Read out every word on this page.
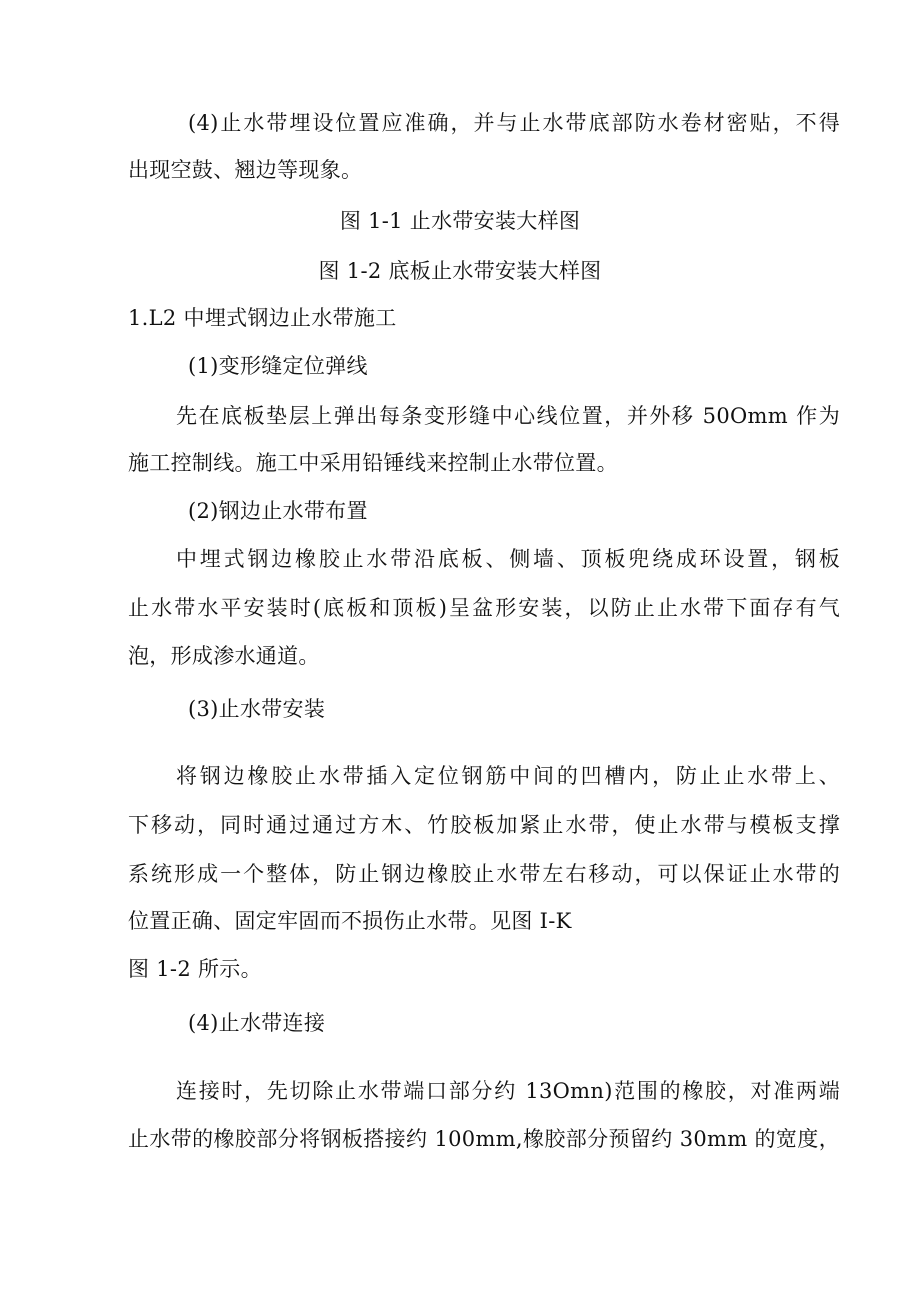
(4)止水带埋设位置应准确，并与止水带底部防水卷材密贴，不得
出现空鼓、翘边等现象。
图 1-1 止水带安装大样图
图 1-2 底板止水带安装大样图
1.L2 中埋式钢边止水带施工
(1)变形缝定位弹线
先在底板垫层上弹出每条变形缝中心线位置，并外移 50Omm 作为
施工控制线。施工中采用铅锤线来控制止水带位置。
(2)钢边止水带布置
中埋式钢边橡胶止水带沿底板、侧墙、顶板兜绕成环设置，钢板
止水带水平安装时(底板和顶板)呈盆形安装，以防止止水带下面存有气
泡，形成渗水通道。
(3)止水带安装
将钢边橡胶止水带插入定位钢筋中间的凹槽内，防止止水带上、
下移动，同时通过通过方木、竹胶板加紧止水带，使止水带与模板支撑
系统形成一个整体，防止钢边橡胶止水带左右移动，可以保证止水带的
位置正确、固定牢固而不损伤止水带。见图 I-K
图 1-2 所示。
(4)止水带连接
连接时，先切除止水带端口部分约 13Omn)范围的橡胶，对准两端
止水带的橡胶部分将钢板搭接约 100mm,橡胶部分预留约 30mm 的宽度，
